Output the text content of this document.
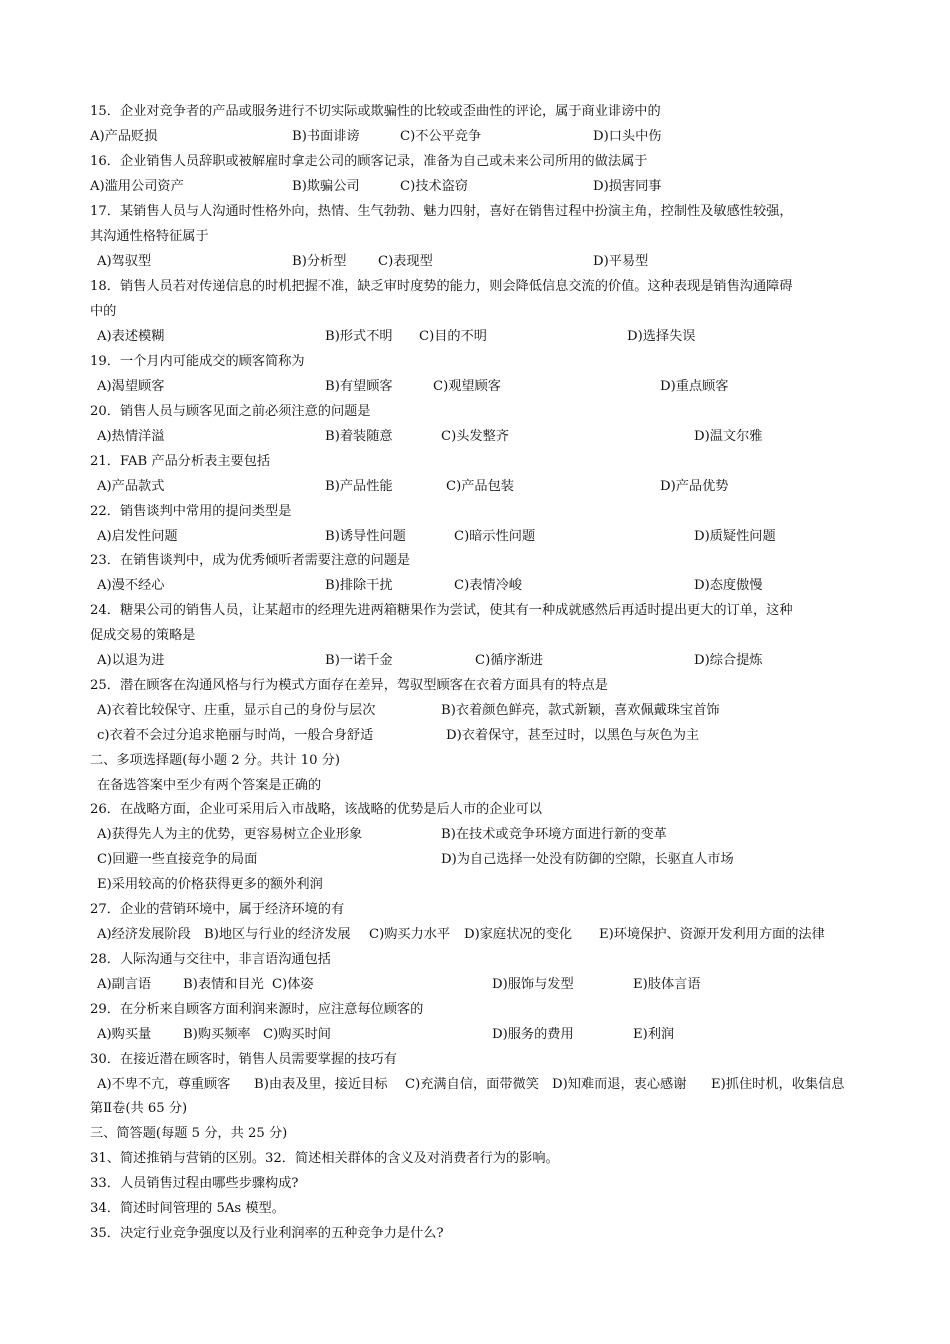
15．企业对竞争者的产品或服务进行不切实际或欺骗性的比较或歪曲性的评论，属于商业诽谤中的
A)产品贬损	B)书面诽谤	C)不公平竞争	D)口头中伤
16．企业销售人员辞职或被解雇时拿走公司的顾客记录，准备为自己或未来公司所用的做法属于
A)滥用公司资产	B)欺骗公司	C)技术盗窃	D)损害同事
17．某销售人员与人沟通时性格外向，热情、生气勃勃、魅力四射，喜好在销售过程中扮演主角，控制性及敏感性较强，
其沟通性格特征属于
A)驾驭型	B)分析型 C)表现型	D)平易型
18．销售人员若对传递信息的时机把握不准，缺乏审时度势的能力，则会降低信息交流的价值。这种表现是销售沟通障碍
中的
A)表述模糊	B)形式不明 C)目的不明	D)选择失误
19．一个月内可能成交的顾客简称为
A)渴望顾客	B)有望顾客	C)观望顾客	D)重点顾客
20．销售人员与顾客见面之前必须注意的问题是
A)热情洋溢	B)着装随意	C)头发整齐	D)温文尔雅
21．FAB 产品分析表主要包括
A)产品款式	B)产品性能	C)产品包装	D)产品优势
22．销售谈判中常用的提问类型是
A)启发性问题	B)诱导性问题	C)暗示性问题	D)质疑性问题
23．在销售谈判中，成为优秀倾听者需要注意的问题是
A)漫不经心	B)排除干扰	C)表情冷峻	D)态度傲慢
24．糖果公司的销售人员，让某超市的经理先进两箱糖果作为尝试，使其有一种成就感然后再适时提出更大的订单，这种
促成交易的策略是
A)以退为进	B)一诺千金	C)循序渐进	D)综合提炼
25．潜在顾客在沟通风格与行为模式方面存在差异，驾驭型顾客在衣着方面具有的特点是
A)衣着比较保守、庄重，显示自己的身份与层次	B)衣着颜色鲜亮，款式新颖，喜欢佩戴珠宝首饰
c)衣着不会过分追求艳丽与时尚，一般合身舒适	D)衣着保守，甚至过时，以黑色与灰色为主
二、多项选择题(每小题 2 分。共计 10 分)
在备选答案中至少有两个答案是正确的
26．在战略方面，企业可采用后入市战略，该战略的优势是后人市的企业可以
A)获得先人为主的优势，更容易树立企业形象	B)在技术或竞争环境方面进行新的变革
C)回避一些直接竞争的局面	D)为自己选择一处没有防御的空隙，长驱直人市场
E)采用较高的价格获得更多的额外利润
27．企业的营销环境中，属于经济环境的有
A)经济发展阶段 B)地区与行业的经济发展 C)购买力水平 D)家庭状况的变化 E)环境保护、资源开发利用方面的法律
28．人际沟通与交往中，非言语沟通包括
A)副言语 B)表情和目光 C)体姿	D)服饰与发型	E)肢体言语
29．在分析来自顾客方面利润来源时，应注意每位顾客的
A)购买量 B)购买频率 C)购买时间	D)服务的费用	E)利润
30．在接近潜在顾客时，销售人员需要掌握的技巧有
A)不卑不亢，尊重顾客 B)由表及里，接近目标 C)充满自信，面带微笑 D)知难而退，衷心感谢 E)抓住时机，收集信息
第Ⅱ卷(共 65 分)
三、简答题(每题 5 分，共 25 分)
31、简述推销与营销的区别。32．简述相关群体的含义及对消费者行为的影响。
33．人员销售过程由哪些步骤构成?
34．简述时间管理的 5As 模型。
35．决定行业竞争强度以及行业利润率的五种竞争力是什么?
